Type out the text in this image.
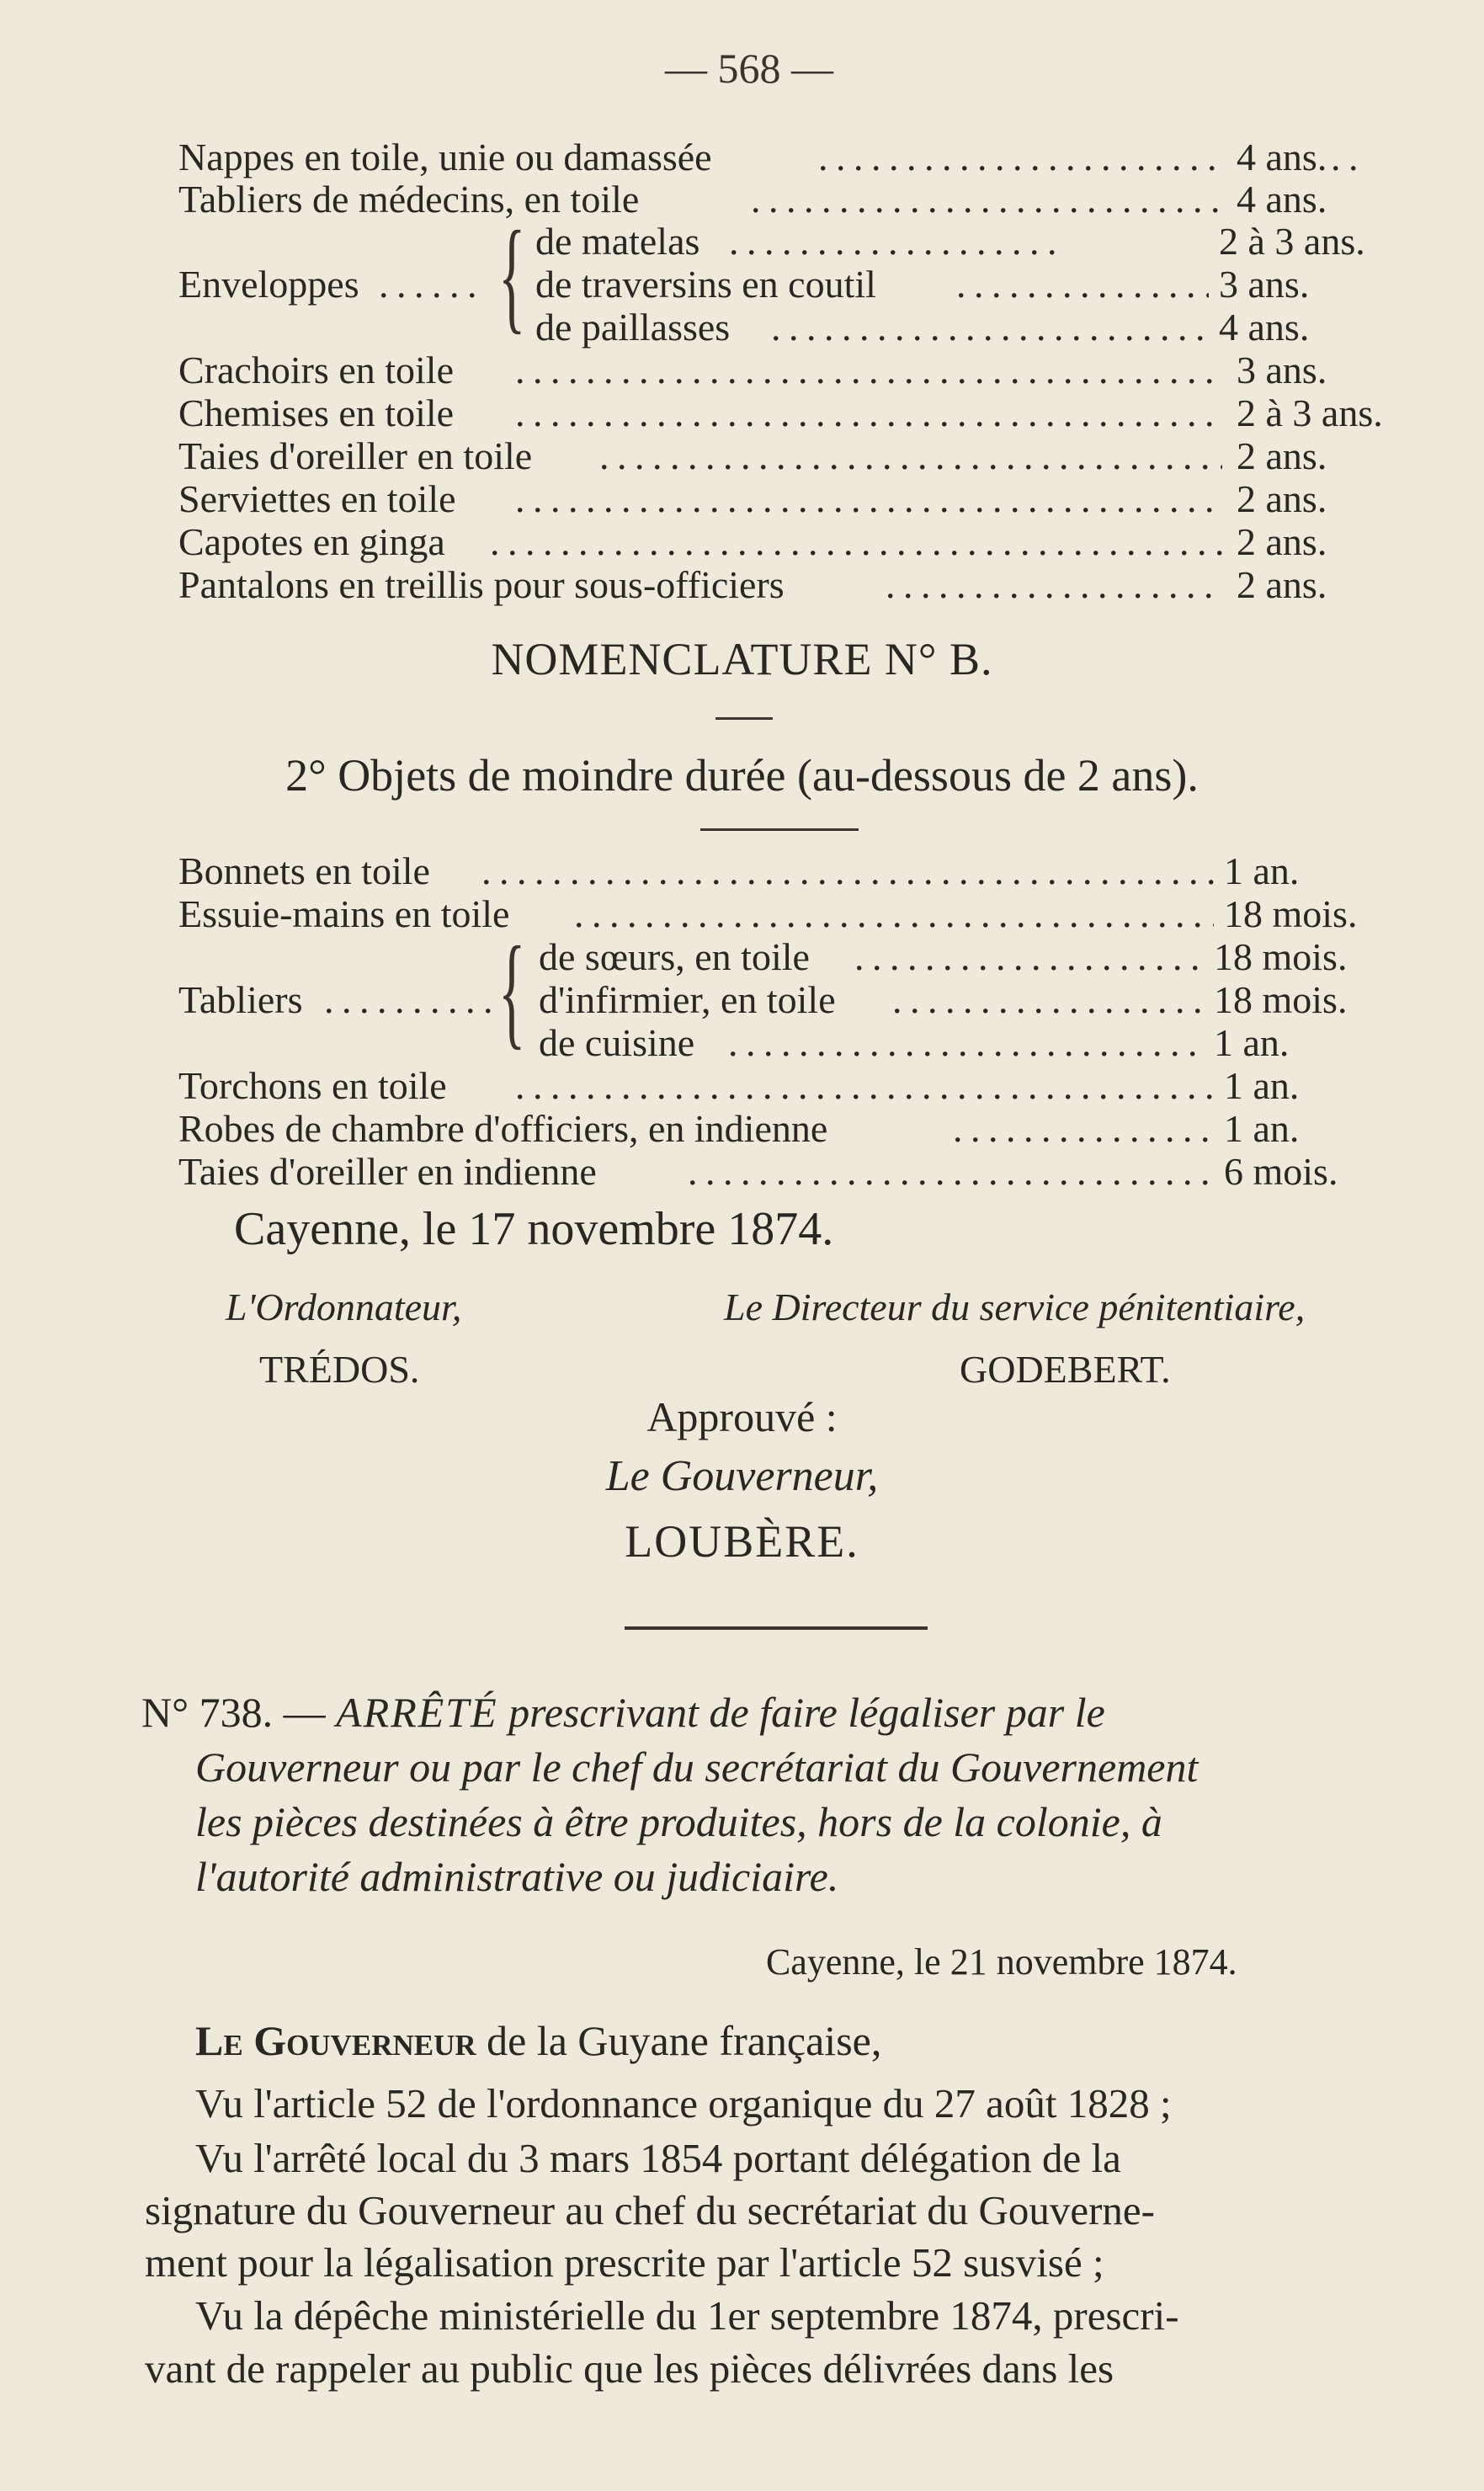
— 568 —
Nappes en toile, unie ou damassée . . .	4 ans.
Tabliers de médecins, en toile . . .	4 ans.
Enveloppes . . . { de matelas . . .	2 à 3 ans.
de traversins en coutil . . .	3 ans.
de paillasses . . .	4 ans.
Crachoirs en toile . . .	3 ans.
Chemises en toile . . .	2 à 3 ans.
Taies d'oreiller en toile . . .	2 ans.
Serviettes en toile . . .	2 ans.
Capotes en ginga . . .	2 ans.
Pantalons en treillis pour sous-officiers . . .	2 ans.
NOMENCLATURE N° B.
2° Objets de moindre durée (au-dessous de 2 ans).
Bonnets en toile . . .	1 an.
Essuie-mains en toile . . .	18 mois.
Tabliers . . . { de sœurs, en toile . . .	18 mois.
d'infirmier, en toile . . .	18 mois.
de cuisine . . .	1 an.
Torchons en toile . . .	1 an.
Robes de chambre d'officiers, en indienne . . .	1 an.
Taies d'oreiller en indienne . . .	6 mois.
Cayenne, le 17 novembre 1874.
L'Ordonnateur,	Le Directeur du service pénitentiaire,
TRÉDOS.	GODEBERT.
Approuvé :
Le Gouverneur,
LOUBÈRE.
N° 738. — ARRÊTÉ prescrivant de faire légaliser par le
Gouverneur ou par le chef du secrétariat du Gouvernement
les pièces destinées à être produites, hors de la colonie, à
l'autorité administrative ou judiciaire.
Cayenne, le 21 novembre 1874.
Le Gouverneur de la Guyane française,
Vu l'article 52 de l'ordonnance organique du 27 août 1828 ;
Vu l'arrêté local du 3 mars 1854 portant délégation de la
signature du Gouverneur au chef du secrétariat du Gouverne-
ment pour la légalisation prescrite par l'article 52 susvisé ;
Vu la dépêche ministérielle du 1er septembre 1874, prescri-
vant de rappeler au public que les pièces délivrées dans les
